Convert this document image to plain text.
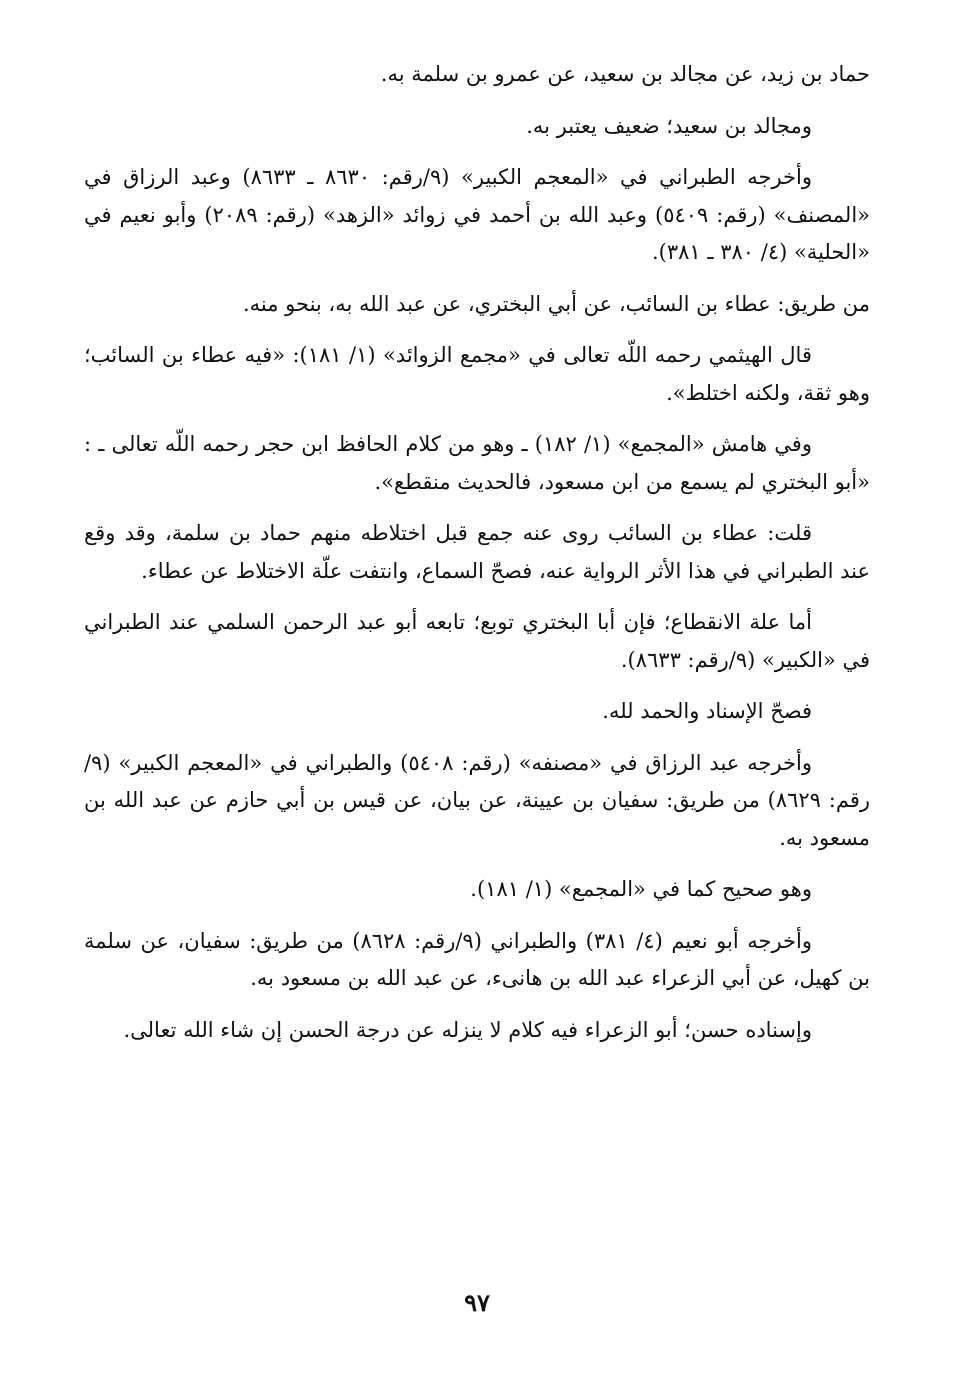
حماد بن زيد، عن مجالد بن سعيد، عن عمرو بن سلمة به.

ومجالد بن سعيد؛ ضعيف يعتبر به.

وأخرجه الطبراني في «المعجم الكبير» (٩/رقم: ٨٦٣٠ ـ ٨٦٣٣) وعبد الرزاق في «المصنف» (رقم: ٥٤٠٩) وعبد الله بن أحمد في زوائد «الزهد» (رقم: ٢٠٨٩) وأبو نعيم في «الحلية» (٤/ ٣٨٠ ـ ٣٨١).

من طريق: عطاء بن السائب، عن أبي البختري، عن عبد الله به، بنحو منه.

قال الهيثمي رحمه اللّه تعالى في «مجمع الزوائد» (١/ ١٨١): «فيه عطاء بن السائب؛ وهو ثقة، ولكنه اختلط».

وفي هامش «المجمع» (١/ ١٨٢) ـ وهو من كلام الحافظ ابن حجر رحمه اللّه تعالى ـ : «أبو البختري لم يسمع من ابن مسعود، فالحديث منقطع».

قلت: عطاء بن السائب روى عنه جمع قبل اختلاطه منهم حماد بن سلمة، وقد وقع عند الطبراني في هذا الأثر الرواية عنه، فصحّ السماع، وانتفت علّة الاختلاط عن عطاء.

أما علة الانقطاع؛ فإن أبا البختري توبع؛ تابعه أبو عبد الرحمن السلمي عند الطبراني في «الكبير» (٩/رقم: ٨٦٣٣).

فصحّ الإسناد والحمد لله.

وأخرجه عبد الرزاق في «مصنفه» (رقم: ٥٤٠٨) والطبراني في «المعجم الكبير» (٩/رقم: ٨٦٢٩) من طريق: سفيان بن عيينة، عن بيان، عن قيس بن أبي حازم عن عبد الله بن مسعود به.

وهو صحيح كما في «المجمع» (١/ ١٨١).

وأخرجه أبو نعيم (٤/ ٣٨١) والطبراني (٩/رقم: ٨٦٢٨) من طريق: سفيان، عن سلمة بن كهيل، عن أبي الزعراء عبد الله بن هانىء، عن عبد الله بن مسعود به.

وإسناده حسن؛ أبو الزعراء فيه كلام لا ينزله عن درجة الحسن إن شاء الله تعالى.

٩٧
